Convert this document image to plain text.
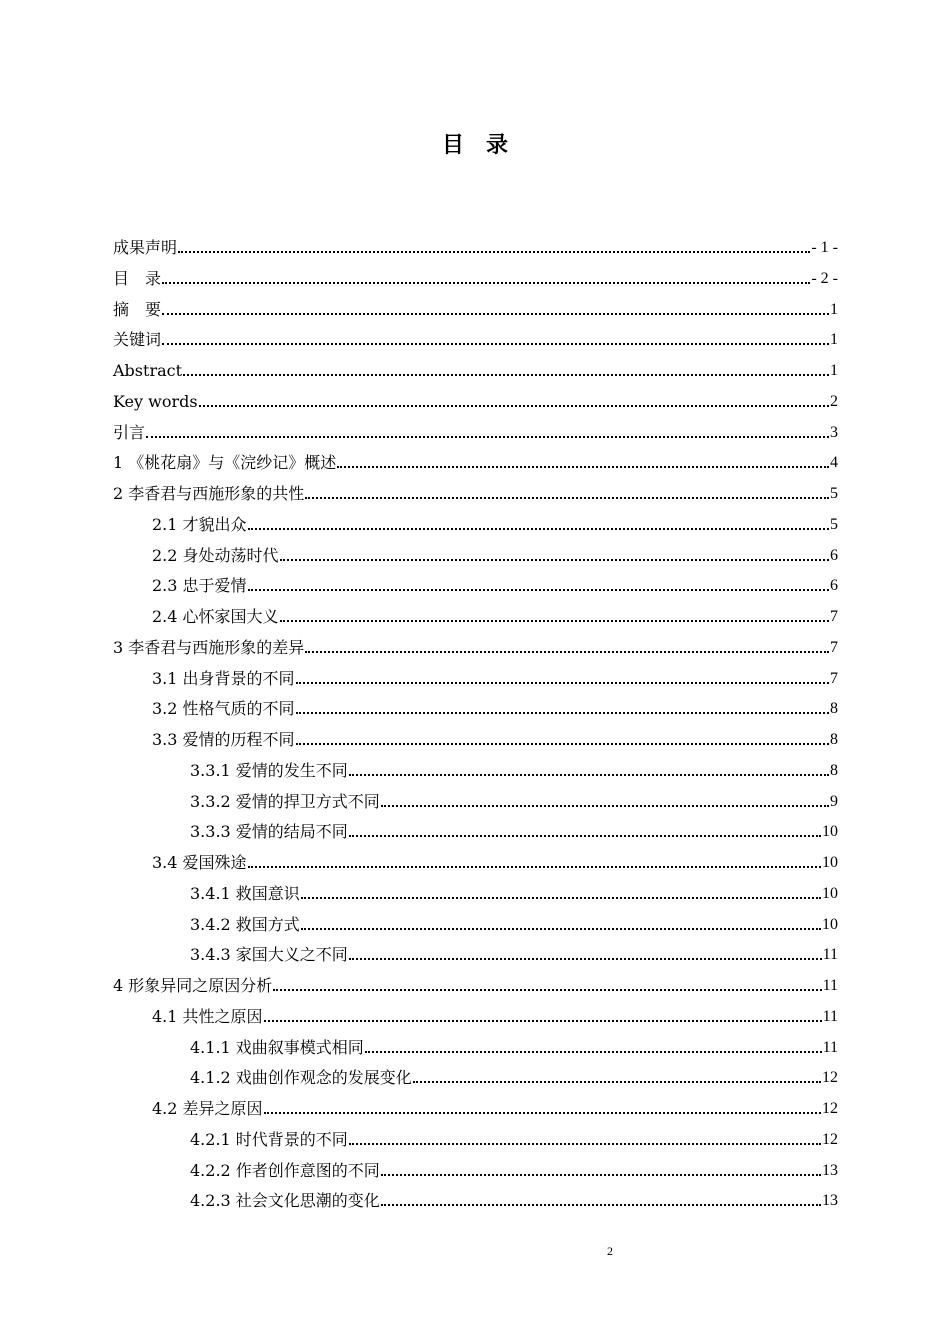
目录
成果声明	- 1 -
目　录	- 2 -
摘　要	1
关键词	1
Abstract	1
Key words	2
引言	3
1 《桃花扇》与《浣纱记》概述	4
2 李香君与西施形象的共性	5
2.1 才貌出众	5
2.2 身处动荡时代	6
2.3 忠于爱情	6
2.4 心怀家国大义	7
3 李香君与西施形象的差异	7
3.1 出身背景的不同	7
3.2 性格气质的不同	8
3.3 爱情的历程不同	8
3.3.1 爱情的发生不同	8
3.3.2 爱情的捍卫方式不同	9
3.3.3 爱情的结局不同	10
3.4 爱国殊途	10
3.4.1 救国意识	10
3.4.2 救国方式	10
3.4.3 家国大义之不同	11
4 形象异同之原因分析	11
4.1 共性之原因	11
4.1.1 戏曲叙事模式相同	11
4.1.2 戏曲创作观念的发展变化	12
4.2 差异之原因	12
4.2.1 时代背景的不同	12
4.2.2 作者创作意图的不同	13
4.2.3 社会文化思潮的变化	13
2
